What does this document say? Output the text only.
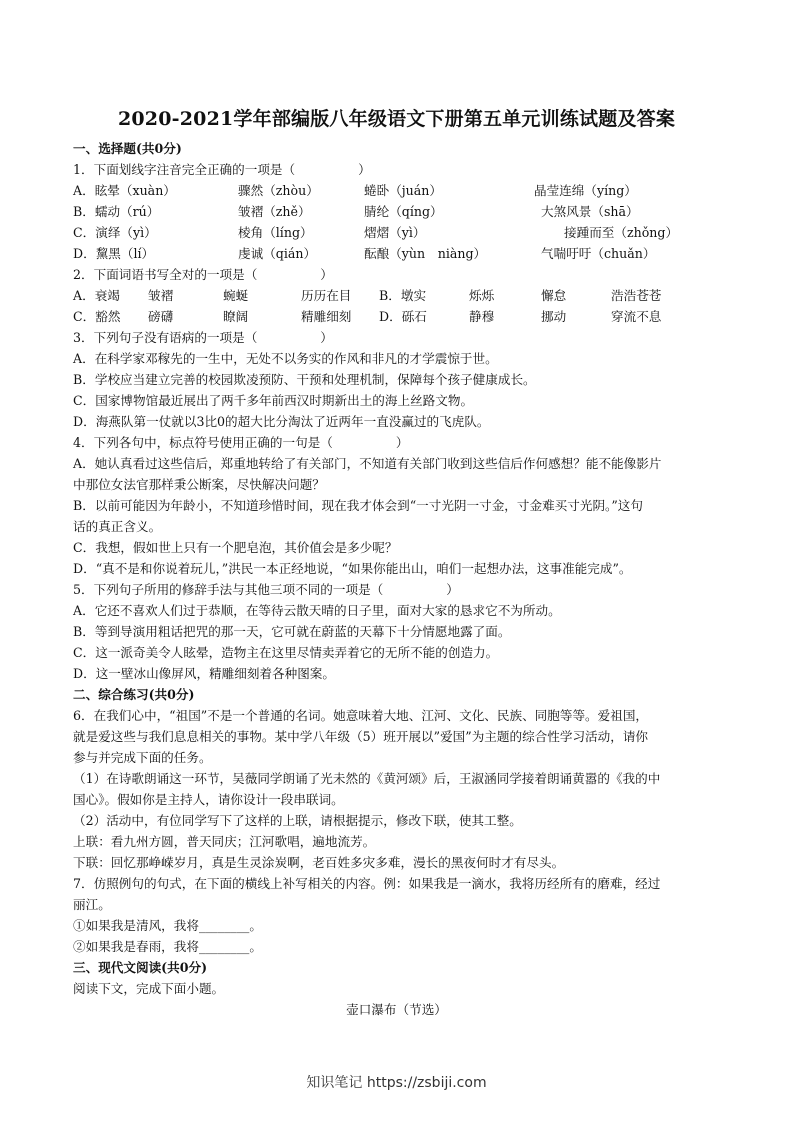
2020-2021学年部编版八年级语文下册第五单元训练试题及答案
一、选择题(共0分)
1．下面划线字注音完全正确的一项是（　　　　　）
A．眩晕（xuàn）	骤然（zhòu）	蜷卧（juán）	晶莹连绵（yíng）
B．蠕动（rú）	皱褶（zhě）	腈纶（qíng）	大煞风景（shā）
C．演绎（yì）	棱角（líng）	熠熠（yì）	接踵而至（zhǒng）
D．黧黑（lí）	虔诚（qián）	酝酿（yùn　niàng）	气喘吁吁（chuǎn）
2．下面词语书写全对的一项是（　　　　　）
A．衰竭	皱褶	蜿蜒	历历在目	B．墩实	烁烁	懈怠	浩浩苍苍
C．豁然	磅礴	瞭阔	精雕细刻	D．砾石	静穆	挪动	穿流不息
3．下列句子没有语病的一项是（　　　　　）
A．在科学家邓稼先的一生中，无处不以务实的作风和非凡的才学震惊于世。
B．学校应当建立完善的校园欺凌预防、干预和处理机制，保障每个孩子健康成长。
C．国家博物馆最近展出了两千多年前西汉时期新出土的海上丝路文物。
D．海燕队第一仗就以3比0的超大比分淘汰了近两年一直没赢过的飞虎队。
4．下列各句中，标点符号使用正确的一句是（　　　　　）
A．她认真看过这些信后，郑重地转给了有关部门，不知道有关部门收到这些信后作何感想？能不能像影片
中那位女法官那样秉公断案，尽快解决问题？
B．以前可能因为年龄小，不知道珍惜时间，现在我才体会到“一寸光阴一寸金，寸金难买寸光阴。”这句
话的真正含义。
C．我想，假如世上只有一个肥皂泡，其价值会是多少呢？
D．“真不是和你说着玩儿，”洪民一本正经地说，“如果你能出山，咱们一起想办法，这事准能完成”。
5．下列句子所用的修辞手法与其他三项不同的一项是（　　　　　）
A．它还不喜欢人们过于恭顺，在等待云散天晴的日子里，面对大家的恳求它不为所动。
B．等到导演用粗话把咒的那一天，它可就在蔚蓝的天幕下十分情愿地露了面。
C．这一派奇美令人眩晕，造物主在这里尽情卖弄着它的无所不能的创造力。
D．这一壁冰山像屏风，精雕细刻着各种图案。
二、综合练习(共0分)
6．在我们心中，“祖国”不是一个普通的名词。她意味着大地、江河、文化、民族、同胞等等。爱祖国，
就是爱这些与我们息息相关的事物。某中学八年级（5）班开展以”爱国”为主题的综合性学习活动，请你
参与并完成下面的任务。
（1）在诗歌朗诵这一环节，吴薇同学朗诵了光未然的《黄河颂》后，王淑涵同学接着朗诵黄嚣的《我的中
国心》。假如你是主持人，请你设计一段串联词。
（2）活动中，有位同学写下了这样的上联，请根据提示，修改下联，使其工整。
上联：看九州方圆，普天同庆；江河歌唱，遍地流芳。
下联：回忆那峥嵘岁月，真是生灵涂炭啊，老百姓多灾多难，漫长的黑夜何时才有尽头。
7．仿照例句的句式，在下面的横线上补写相关的内容。例：如果我是一滴水，我将历经所有的磨难，经过
丽江。
①如果我是清风，我将________。
②如果我是春雨，我将________。
三、现代文阅读(共0分)
阅读下文，完成下面小题。
壶口瀑布（节选）
知识笔记 https://zsbiji.com
